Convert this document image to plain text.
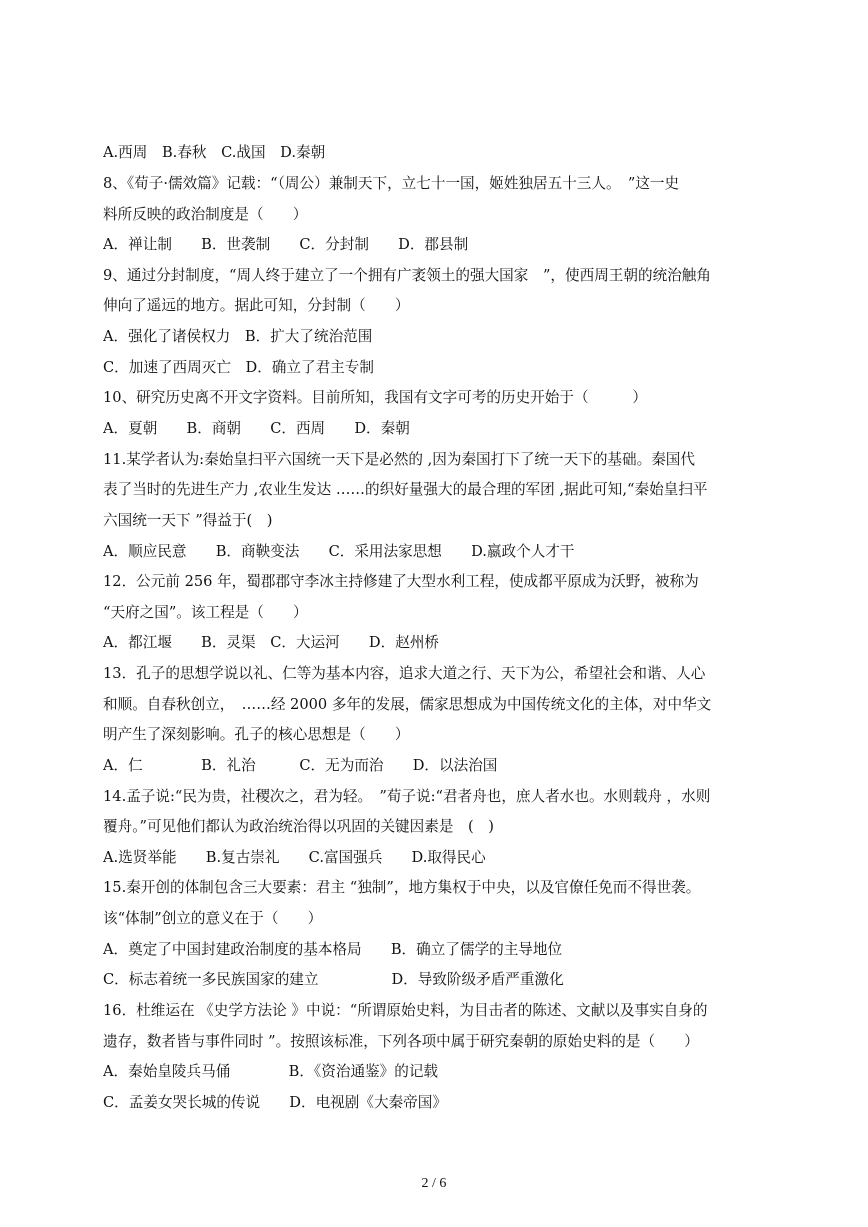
A.西周　B.春秋　C.战国　D.秦朝
8、《荀子·儒效篇》记载：“（周公）兼制天下，立七十一国，姬姓独居五十三人。　”这一史
料所反映的政治制度是（　　）
A．禅让制　　B．世袭制　　C．分封制　　D．郡县制
9、通过分封制度，“周人终于建立了一个拥有广袤领土的强大国家　”，使西周王朝的统治触角
伸向了遥远的地方。据此可知，分封制（　　）
A．强化了诸侯权力　B．扩大了统治范围
C．加速了西周灭亡　D．确立了君主专制
10、研究历史离不开文字资料。目前所知，我国有文字可考的历史开始于（　　　）
A．夏朝　　B．商朝　　C．西周　　D．秦朝
11.某学者认为:秦始皇扫平六国统一天下是必然的 ,因为秦国打下了统一天下的基础。秦国代
表了当时的先进生产力 ,农业生发达 ……的织好量强大的最合理的军团 ,据此可知,“秦始皇扫平
六国统一天下 ”得益于(　)
A．顺应民意　　B．商鞅变法　　C．采用法家思想　　D.嬴政个人才干
12．公元前 256 年，蜀郡郡守李冰主持修建了大型水利工程，使成都平原成为沃野，被称为
“天府之国”。该工程是（　　）
A．都江堰　　B．灵渠　C．大运河　　D．赵州桥
13．孔子的思想学说以礼、仁等为基本内容，追求大道之行、天下为公，希望社会和谐、人心
和顺。自春秋创立，　……经 2000 多年的发展，儒家思想成为中国传统文化的主体，对中华文
明产生了深刻影响。孔子的核心思想是（　　）
A．仁　　　　B．礼治　　　C．无为而治　　D．以法治国
14.孟子说:“民为贵，社稷次之，君为轻。　”荀子说:“君者舟也，庶人者水也。水则载舟 ，水则
覆舟。”可见他们都认为政治统治得以巩固的关键因素是　(　)
A.选贤举能　　B.复古崇礼　　C.富国强兵　　D.取得民心
15.秦开创的体制包含三大要素：君主 “独制”，地方集权于中央，以及官僚任免而不得世袭。
该“体制”创立的意义在于（　　）
A．奠定了中国封建政治制度的基本格局　　B．确立了儒学的主导地位
C．标志着统一多民族国家的建立　　　　　D．导致阶级矛盾严重激化
16．杜维运在 《史学方法论 》中说：“所谓原始史料，为目击者的陈述、文献以及事实自身的
遗存，数者皆与事件同时 ”。按照该标准，下列各项中属于研究秦朝的原始史料的是（　　）
A．秦始皇陵兵马俑　　　　B．《资治通鉴》的记载
C．孟姜女哭长城的传说　　D．电视剧《大秦帝国》
2 / 6
